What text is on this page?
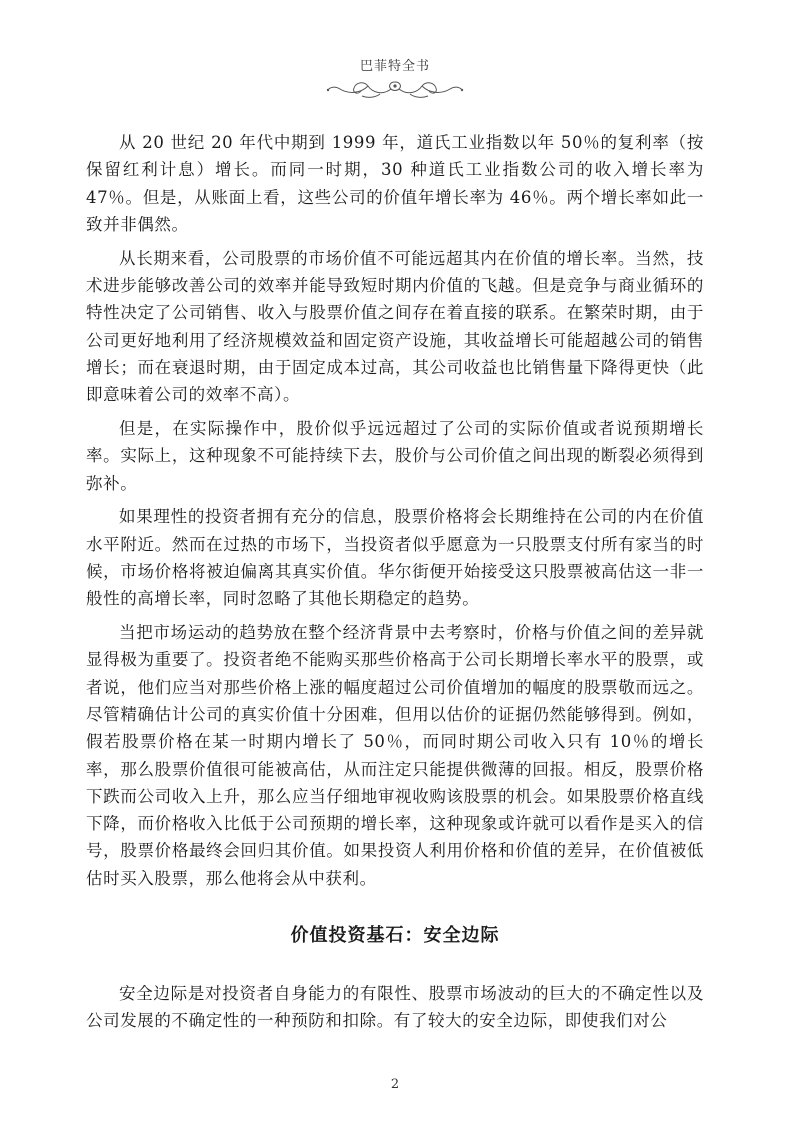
巴菲特全书

从 20 世纪 20 年代中期到 1999 年，道氏工业指数以年 50％的复利率（按保留红利计息）增长。而同一时期，30 种道氏工业指数公司的收入增长率为 47％。但是，从账面上看，这些公司的价值年增长率为 46％。两个增长率如此一致并非偶然。

从长期来看，公司股票的市场价值不可能远超其内在价值的增长率。当然，技术进步能够改善公司的效率并能导致短时期内价值的飞越。但是竞争与商业循环的特性决定了公司销售、收入与股票价值之间存在着直接的联系。在繁荣时期，由于公司更好地利用了经济规模效益和固定资产设施，其收益增长可能超越公司的销售增长；而在衰退时期，由于固定成本过高，其公司收益也比销售量下降得更快（此即意味着公司的效率不高）。

但是，在实际操作中，股价似乎远远超过了公司的实际价值或者说预期增长率。实际上，这种现象不可能持续下去，股价与公司价值之间出现的断裂必须得到弥补。

如果理性的投资者拥有充分的信息，股票价格将会长期维持在公司的内在价值水平附近。然而在过热的市场下，当投资者似乎愿意为一只股票支付所有家当的时候，市场价格将被迫偏离其真实价值。华尔街便开始接受这只股票被高估这一非一般性的高增长率，同时忽略了其他长期稳定的趋势。

当把市场运动的趋势放在整个经济背景中去考察时，价格与价值之间的差异就显得极为重要了。投资者绝不能购买那些价格高于公司长期增长率水平的股票，或者说，他们应当对那些价格上涨的幅度超过公司价值增加的幅度的股票敬而远之。尽管精确估计公司的真实价值十分困难，但用以估价的证据仍然能够得到。例如，假若股票价格在某一时期内增长了 50％，而同时期公司收入只有 10％的增长率，那么股票价值很可能被高估，从而注定只能提供微薄的回报。相反，股票价格下跌而公司收入上升，那么应当仔细地审视收购该股票的机会。如果股票价格直线下降，而价格收入比低于公司预期的增长率，这种现象或许就可以看作是买入的信号，股票价格最终会回归其价值。如果投资人利用价格和价值的差异，在价值被低估时买入股票，那么他将会从中获利。

价值投资基石：安全边际

安全边际是对投资者自身能力的有限性、股票市场波动的巨大的不确定性以及公司发展的不确定性的一种预防和扣除。有了较大的安全边际，即使我们对公

2
